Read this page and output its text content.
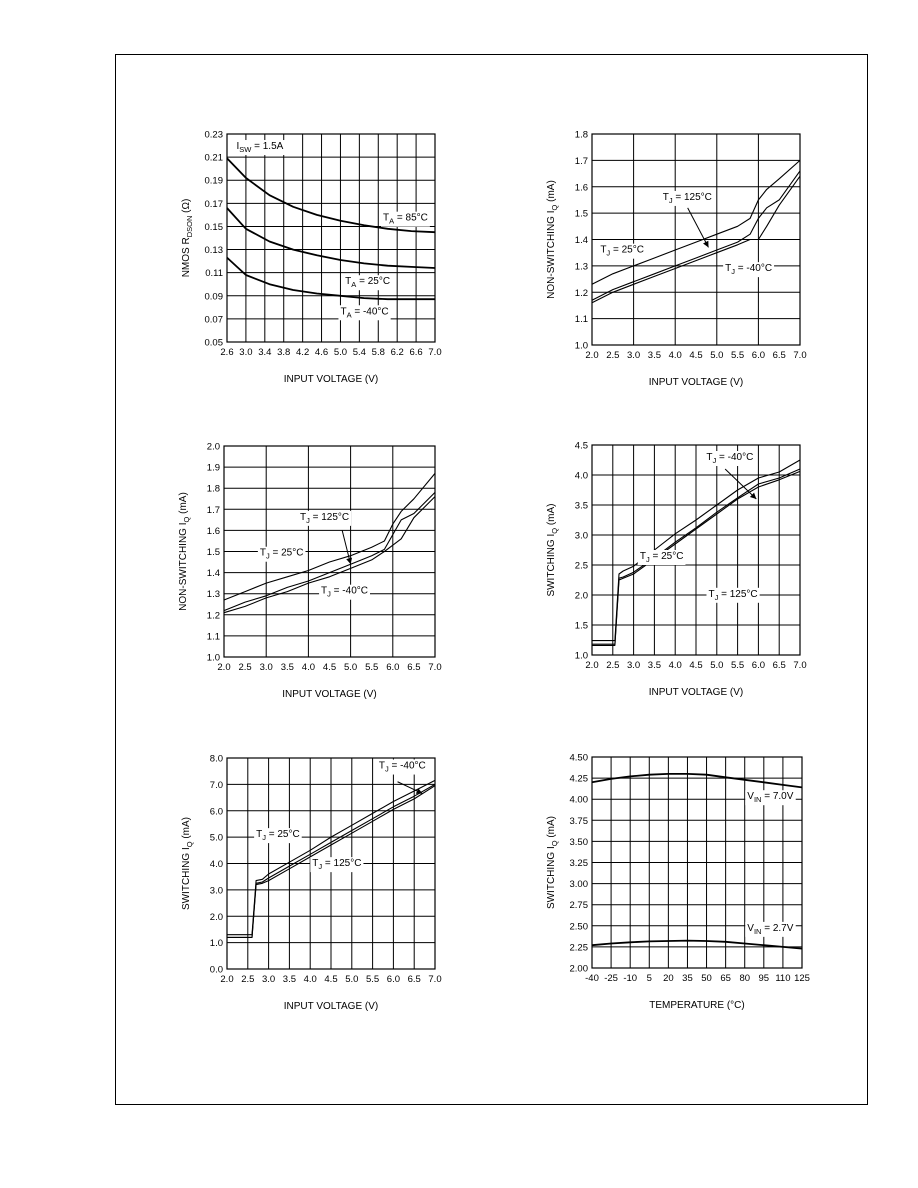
2.6 3.0 3.4 3.8 4.2 4.6 5.0 5.4 5.8 6.2 6.6 7.0
0.05
0.07
0.09
0.11
0.13
0.15
0.17
0.19
0.21
0.23
INPUT VOLTAGE (V)
NMOS $R_{DSON}$ (Ω)
$I_{SW} = 1.5A$
$T_A = 85^\circ C$
$T_A = 25^\circ C$
$T_A = -40^\circ C$
2.0 2.5 3.0 3.5 4.0 4.5 5.0 5.5 6.0 6.5 7.0
1.0
1.1
1.2
1.3
1.4
1.5
1.6
1.7
1.8
INPUT VOLTAGE (V)
NON-SWITCHING $I_Q$ (mA)	$T_J = 125^\circ C$
$T_J = 25^\circ C$
$T_J = -40^\circ C$
2.0 2.5 3.0 3.5 4.0 4.5 5.0 5.5 6.0 6.5 7.0
1.0
1.1
1.2
1.3
1.4
1.5
1.6
1.7
1.8
1.9
2.0
INPUT VOLTAGE (V)
NON-SWITCHING $I_Q$ (mA)
$T_J = 125^\circ C$
$T_J = 25^\circ C$
$T_J = -40^\circ C$
2.0 2.5 3.0 3.5 4.0 4.5 5.0 5.5 6.0 6.5 7.0
1.0
1.5
2.0
2.5
3.0
3.5
4.0
4.5
INPUT VOLTAGE (V)
SWITCHING $I_Q$ (mA)
$T_J = -40^\circ C$
$T_J = 25^\circ C$
$T_J = 125^\circ C$
2.0 2.5 3.0 3.5 4.0 4.5 5.0 5.5 6.0 6.5 7.0
0.0
1.0
2.0
3.0
4.0
5.0
6.0
7.0
8.0
INPUT VOLTAGE (V)
SWITCHING $I_Q$ (mA)
$T_J = -40^\circ C$
$T_J = 25^\circ C$
$T_J = 125^\circ C$
-40 -25 -10 5 20 35 50 65 80 95 110 125
2.00
2.25
2.50
2.75
3.00
3.25
3.50
3.75
4.00
4.25
4.50
TEMPERATURE (°C)
SWITCHING $I_Q$ (mA)
$V_{IN} = 7.0V$
$V_{IN} = 2.7V$
